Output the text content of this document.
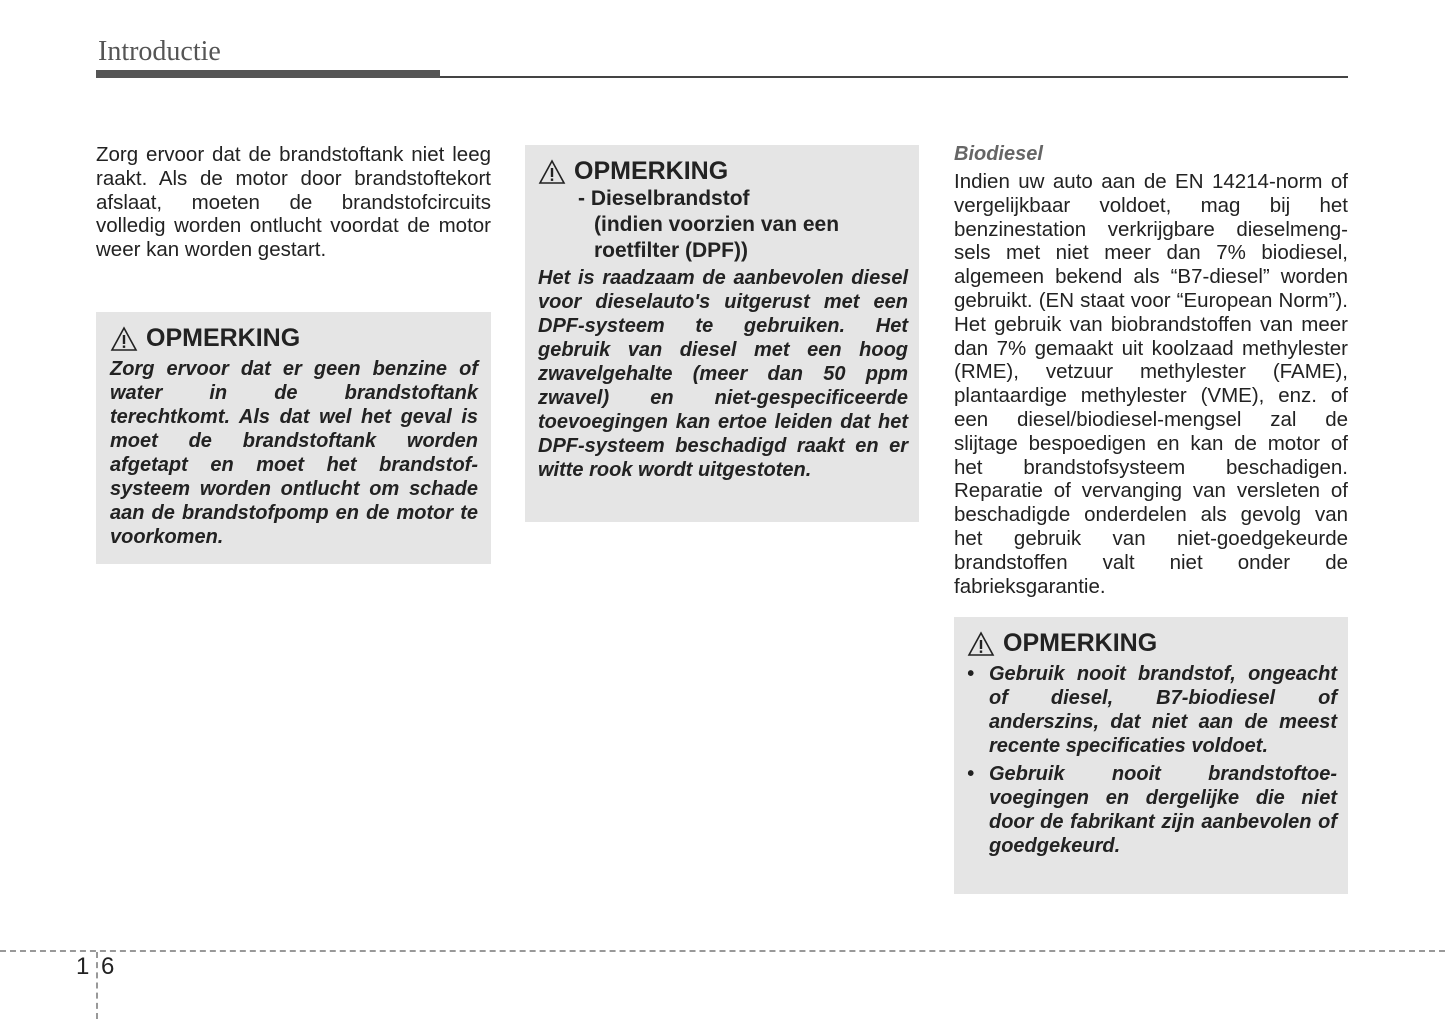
Introductie
Zorg ervoor dat de brandstoftank niet leeg raakt. Als de motor door brandstoftekort afslaat, moeten de brandstofcircuits volledig worden ontlucht voordat de motor weer kan worden gestart.
OPMERKING
Zorg ervoor dat er geen benzine of water in de brandstoftank terechtkomt. Als dat wel het geval is moet de brandstoftank worden afgetapt en moet het brandstof-systeem worden ontlucht om schade aan de brandstofpomp en de motor te voorkomen.
OPMERKING
- Dieselbrandstof
(indien voorzien van een
roetfilter (DPF))
Het is raadzaam de aanbevolen diesel voor dieselauto's uitgerust met een DPF-systeem te gebruiken. Het gebruik van diesel met een hoog zwavelgehalte (meer dan 50 ppm zwavel) en niet-gespecificeerde toevoegingen kan ertoe leiden dat het DPF-systeem beschadigd raakt en er witte rook wordt uitgestoten.
Biodiesel
Indien uw auto aan de EN 14214-norm of vergelijkbaar voldoet, mag bij het benzinestation verkrijgbare dieselmeng-sels met niet meer dan 7% biodiesel, algemeen bekend als “B7-diesel” worden gebruikt. (EN staat voor “European Norm”). Het gebruik van biobrandstoffen van meer dan 7% gemaakt uit koolzaad methylester (RME), vetzuur methylester (FAME), plantaardige methylester (VME), enz. of een diesel/biodiesel-mengsel zal de slijtage bespoedigen en kan de motor of het brandstofsysteem beschadigen. Reparatie of vervanging van versleten of beschadigde onderdelen als gevolg van het gebruik van niet-goedgekeurde brandstoffen valt niet onder de fabrieksgarantie.
OPMERKING
• Gebruik nooit brandstof, ongeacht of diesel, B7-biodiesel of anderszins, dat niet aan de meest recente specificaties voldoet.
• Gebruik nooit brandstoftoe-voegingen en dergelijke die niet door de fabrikant zijn aanbevolen of goedgekeurd.
1 6
